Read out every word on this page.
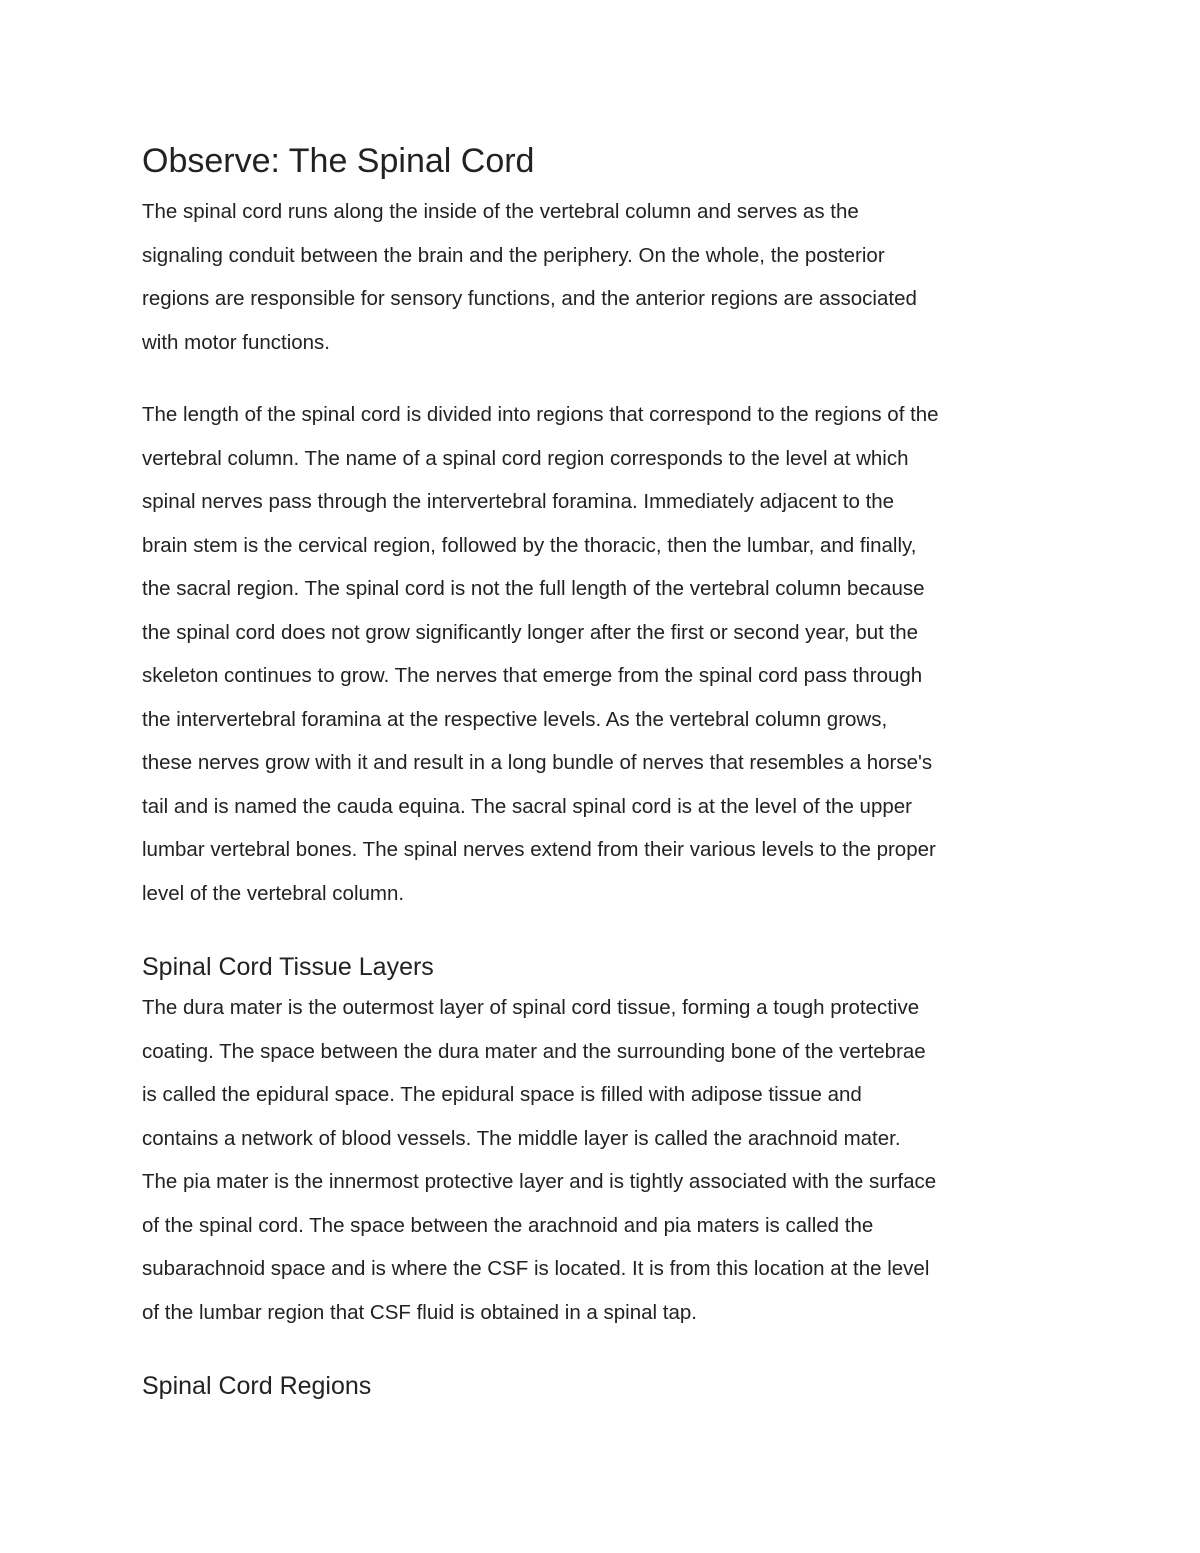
Observe: The Spinal Cord

The spinal cord runs along the inside of the vertebral column and serves as the
signaling conduit between the brain and the periphery. On the whole, the posterior
regions are responsible for sensory functions, and the anterior regions are associated
with motor functions.

The length of the spinal cord is divided into regions that correspond to the regions of the
vertebral column. The name of a spinal cord region corresponds to the level at which
spinal nerves pass through the intervertebral foramina. Immediately adjacent to the
brain stem is the cervical region, followed by the thoracic, then the lumbar, and finally,
the sacral region. The spinal cord is not the full length of the vertebral column because
the spinal cord does not grow significantly longer after the first or second year, but the
skeleton continues to grow. The nerves that emerge from the spinal cord pass through
the intervertebral foramina at the respective levels. As the vertebral column grows,
these nerves grow with it and result in a long bundle of nerves that resembles a horse's
tail and is named the cauda equina. The sacral spinal cord is at the level of the upper
lumbar vertebral bones. The spinal nerves extend from their various levels to the proper
level of the vertebral column.

Spinal Cord Tissue Layers

The dura mater is the outermost layer of spinal cord tissue, forming a tough protective
coating. The space between the dura mater and the surrounding bone of the vertebrae
is called the epidural space. The epidural space is filled with adipose tissue and
contains a network of blood vessels. The middle layer is called the arachnoid mater.
The pia mater is the innermost protective layer and is tightly associated with the surface
of the spinal cord. The space between the arachnoid and pia maters is called the
subarachnoid space and is where the CSF is located. It is from this location at the level
of the lumbar region that CSF fluid is obtained in a spinal tap.

Spinal Cord Regions
